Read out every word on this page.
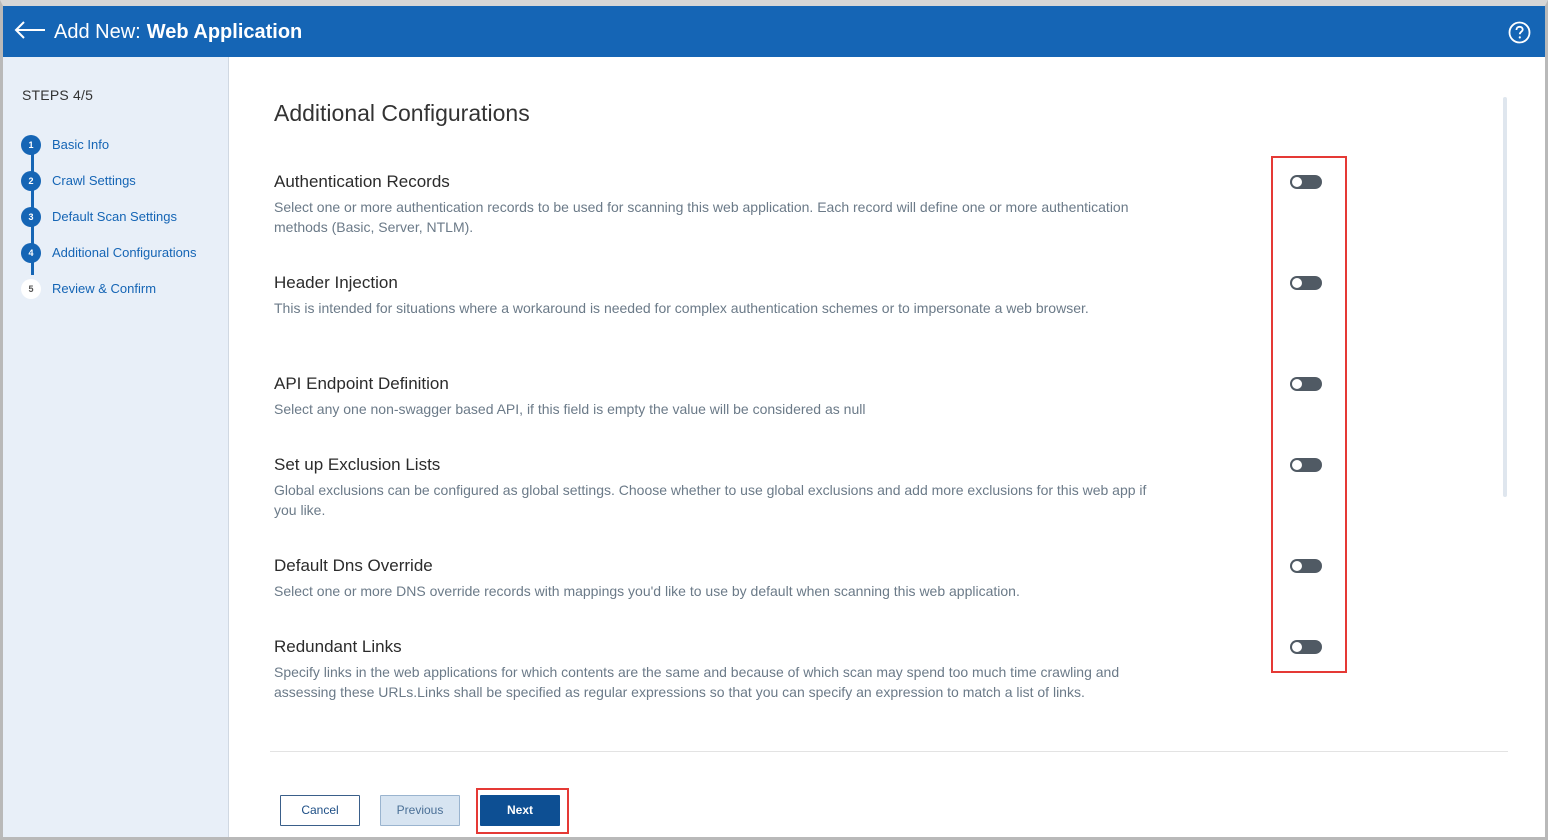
Add New: Web Application
STEPS 4/5
1	Basic Info
2	Crawl Settings
3	Default Scan Settings
4	Additional Configurations
5	Review & Confirm
Additional Configurations
Authentication Records
Select one or more authentication records to be used for scanning this web application. Each record will define one or more authentication methods (Basic, Server, NTLM).
Header Injection
This is intended for situations where a workaround is needed for complex authentication schemes or to impersonate a web browser.
API Endpoint Definition
Select any one non-swagger based API, if this field is empty the value will be considered as null
Set up Exclusion Lists
Global exclusions can be configured as global settings. Choose whether to use global exclusions and add more exclusions for this web app if you like.
Default Dns Override
Select one or more DNS override records with mappings you'd like to use by default when scanning this web application.
Redundant Links
Specify links in the web applications for which contents are the same and because of which scan may spend too much time crawling and assessing these URLs.Links shall be specified as regular expressions so that you can specify an expression to match a list of links.
Cancel	Previous	Next
